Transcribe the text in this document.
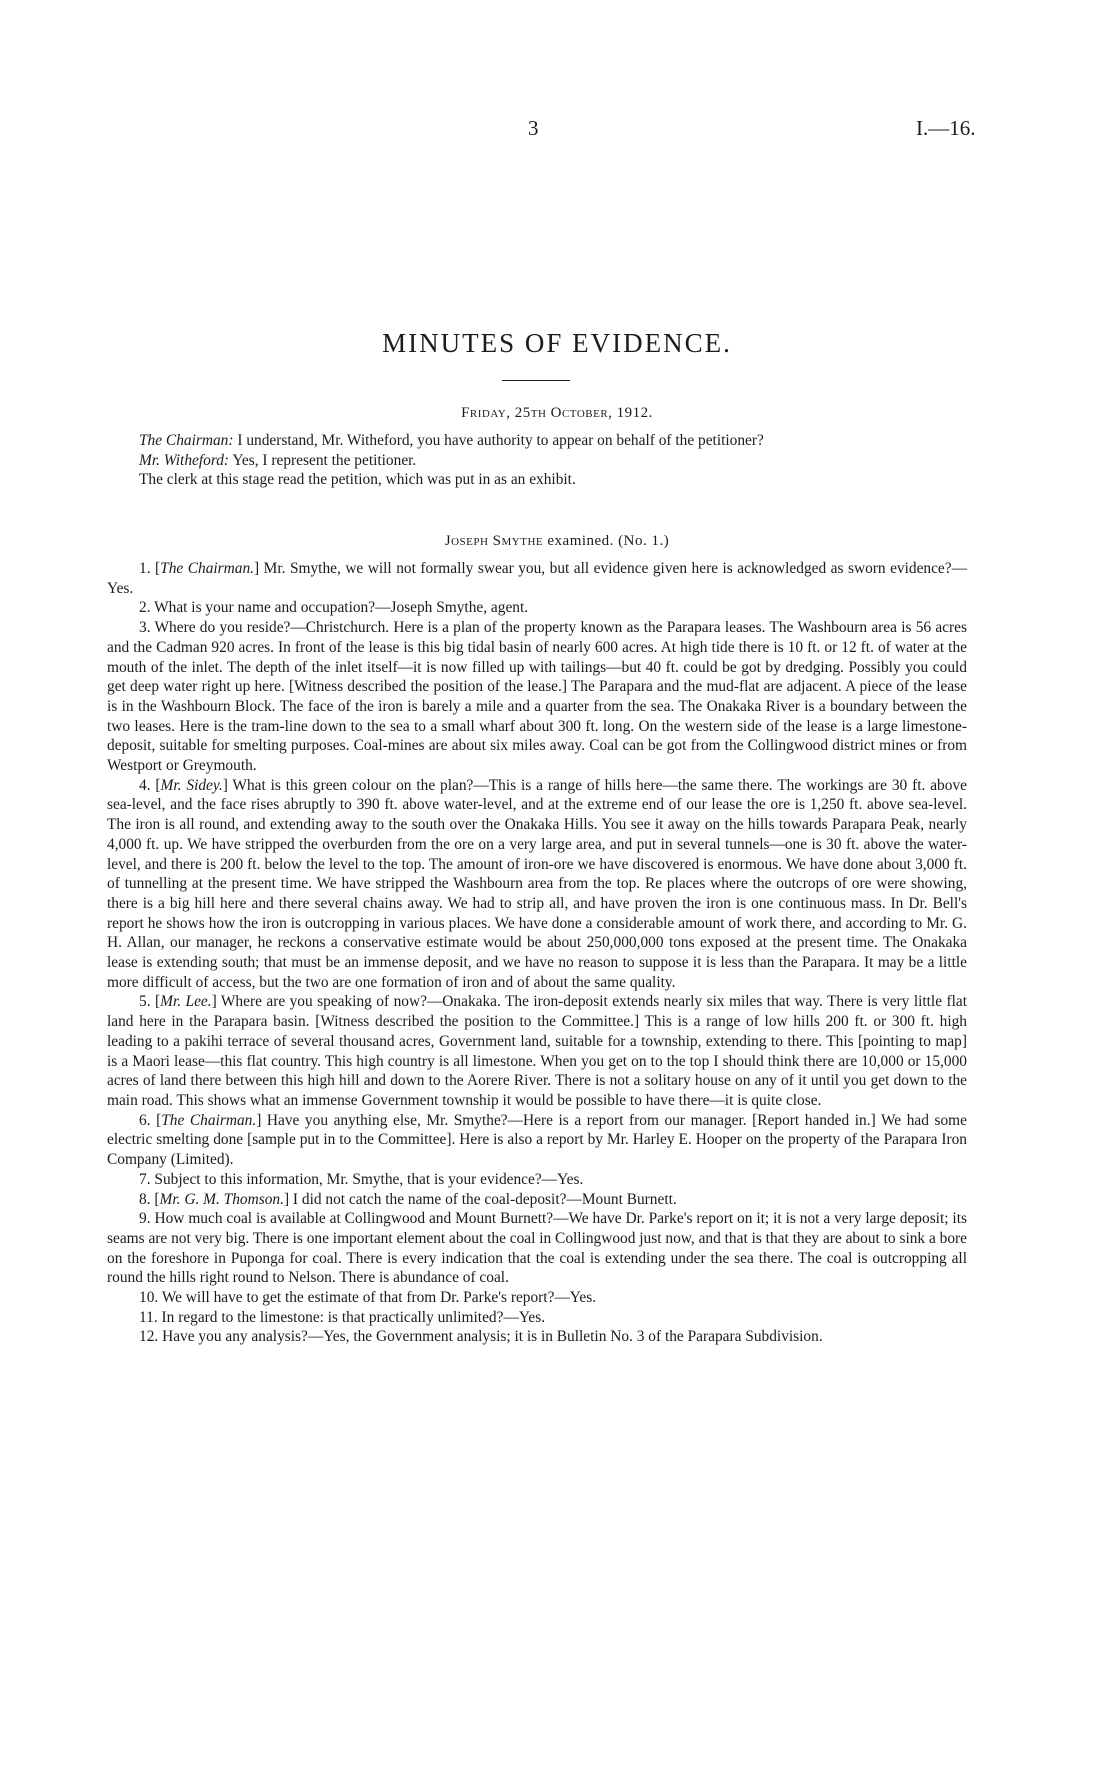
3	I.—16.
MINUTES OF EVIDENCE.
Friday, 25th October, 1912.

The Chairman: I understand, Mr. Witheford, you have authority to appear on behalf of the petitioner?

Mr. Witheford: Yes, I represent the petitioner.

The clerk at this stage read the petition, which was put in as an exhibit.

Joseph Smythe examined. (No. 1.)

1. [The Chairman.] Mr. Smythe, we will not formally swear you, but all evidence given here is acknowledged as sworn evidence?—Yes.

2. What is your name and occupation?—Joseph Smythe, agent.

3. Where do you reside?—Christchurch. Here is a plan of the property known as the Parapara leases. The Washbourn area is 56 acres and the Cadman 920 acres. In front of the lease is this big tidal basin of nearly 600 acres. At high tide there is 10 ft. or 12 ft. of water at the mouth of the inlet. The depth of the inlet itself—it is now filled up with tailings—but 40 ft. could be got by dredging. Possibly you could get deep water right up here. [Witness described the position of the lease.] The Parapara and the mud-flat are adjacent. A piece of the lease is in the Washbourn Block. The face of the iron is barely a mile and a quarter from the sea. The Onakaka River is a boundary between the two leases. Here is the tram-line down to the sea to a small wharf about 300 ft. long. On the western side of the lease is a large limestone-deposit, suitable for smelting purposes. Coal-mines are about six miles away. Coal can be got from the Collingwood district mines or from Westport or Greymouth.

4. [Mr. Sidey.] What is this green colour on the plan?—This is a range of hills here—the same there. The workings are 30 ft. above sea-level, and the face rises abruptly to 390 ft. above water-level, and at the extreme end of our lease the ore is 1,250 ft. above sea-level. The iron is all round, and extending away to the south over the Onakaka Hills. You see it away on the hills towards Parapara Peak, nearly 4,000 ft. up. We have stripped the overburden from the ore on a very large area, and put in several tunnels—one is 30 ft. above the water-level, and there is 200 ft. below the level to the top. The amount of iron-ore we have discovered is enormous. We have done about 3,000 ft. of tunnelling at the present time. We have stripped the Washbourn area from the top. Re places where the outcrops of ore were showing, there is a big hill here and there several chains away. We had to strip all, and have proven the iron is one continuous mass. In Dr. Bell's report he shows how the iron is outcropping in various places. We have done a considerable amount of work there, and according to Mr. G. H. Allan, our manager, he reckons a conservative estimate would be about 250,000,000 tons exposed at the present time. The Onakaka lease is extending south; that must be an immense deposit, and we have no reason to suppose it is less than the Parapara. It may be a little more difficult of access, but the two are one formation of iron and of about the same quality.

5. [Mr. Lee.] Where are you speaking of now?—Onakaka. The iron-deposit extends nearly six miles that way. There is very little flat land here in the Parapara basin. [Witness described the position to the Committee.] This is a range of low hills 200 ft. or 300 ft. high leading to a pakihi terrace of several thousand acres, Government land, suitable for a township, extending to there. This [pointing to map] is a Maori lease—this flat country. This high country is all limestone. When you get on to the top I should think there are 10,000 or 15,000 acres of land there between this high hill and down to the Aorere River. There is not a solitary house on any of it until you get down to the main road. This shows what an immense Government township it would be possible to have there—it is quite close.

6. [The Chairman.] Have you anything else, Mr. Smythe?—Here is a report from our manager. [Report handed in.] We had some electric smelting done [sample put in to the Committee]. Here is also a report by Mr. Harley E. Hooper on the property of the Parapara Iron Company (Limited).

7. Subject to this information, Mr. Smythe, that is your evidence?—Yes.

8. [Mr. G. M. Thomson.] I did not catch the name of the coal-deposit?—Mount Burnett.

9. How much coal is available at Collingwood and Mount Burnett?—We have Dr. Parke's report on it; it is not a very large deposit; its seams are not very big. There is one important element about the coal in Collingwood just now, and that is that they are about to sink a bore on the foreshore in Puponga for coal. There is every indication that the coal is extending under the sea there. The coal is outcropping all round the hills right round to Nelson. There is abundance of coal.

10. We will have to get the estimate of that from Dr. Parke's report?—Yes.

11. In regard to the limestone: is that practically unlimited?—Yes.

12. Have you any analysis?—Yes, the Government analysis; it is in Bulletin No. 3 of the Parapara Subdivision.
